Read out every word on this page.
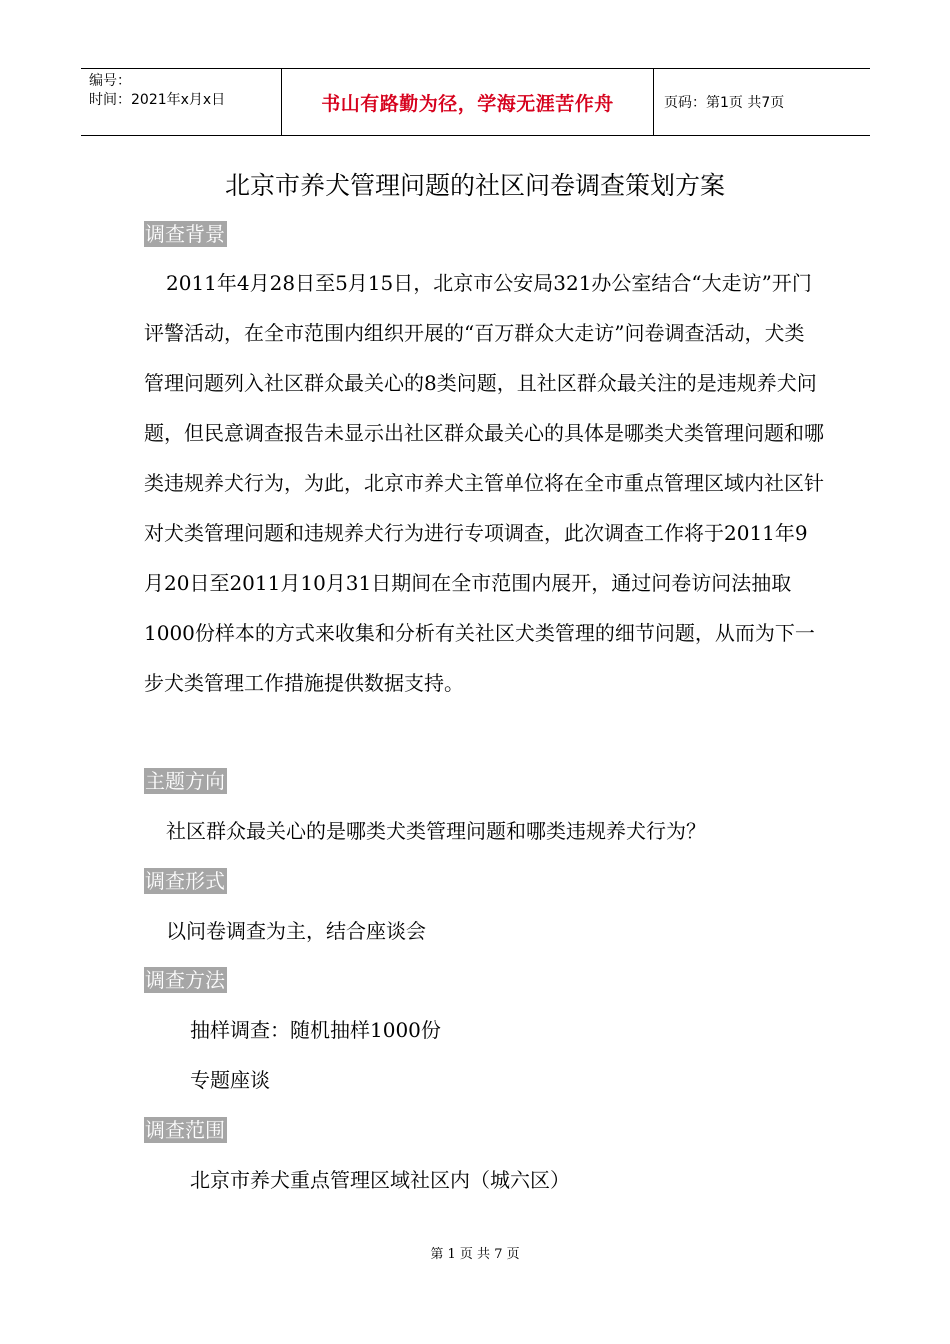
编号：
时间：2021年x月x日	书山有路勤为径，学海无涯苦作舟	页码：第1页 共7页
北京市养犬管理问题的社区问卷调查策划方案
调查背景
2011年4月28日至5月15日，北京市公安局321办公室结合“大走访”开门评警活动，在全市范围内组织开展的“百万群众大走访”问卷调查活动，犬类管理问题列入社区群众最关心的8类问题，且社区群众最关注的是违规养犬问题，但民意调查报告未显示出社区群众最关心的具体是哪类犬类管理问题和哪类违规养犬行为，为此，北京市养犬主管单位将在全市重点管理区域内社区针对犬类管理问题和违规养犬行为进行专项调查，此次调查工作将于2011年9月20日至2011月10月31日期间在全市范围内展开，通过问卷访问法抽取1000份样本的方式来收集和分析有关社区犬类管理的细节问题，从而为下一步犬类管理工作措施提供数据支持。
主题方向
社区群众最关心的是哪类犬类管理问题和哪类违规养犬行为？
调查形式
以问卷调查为主，结合座谈会
调查方法
抽样调查：随机抽样1000份
专题座谈
调查范围
北京市养犬重点管理区域社区内（城六区）
第 1 页 共 7 页
